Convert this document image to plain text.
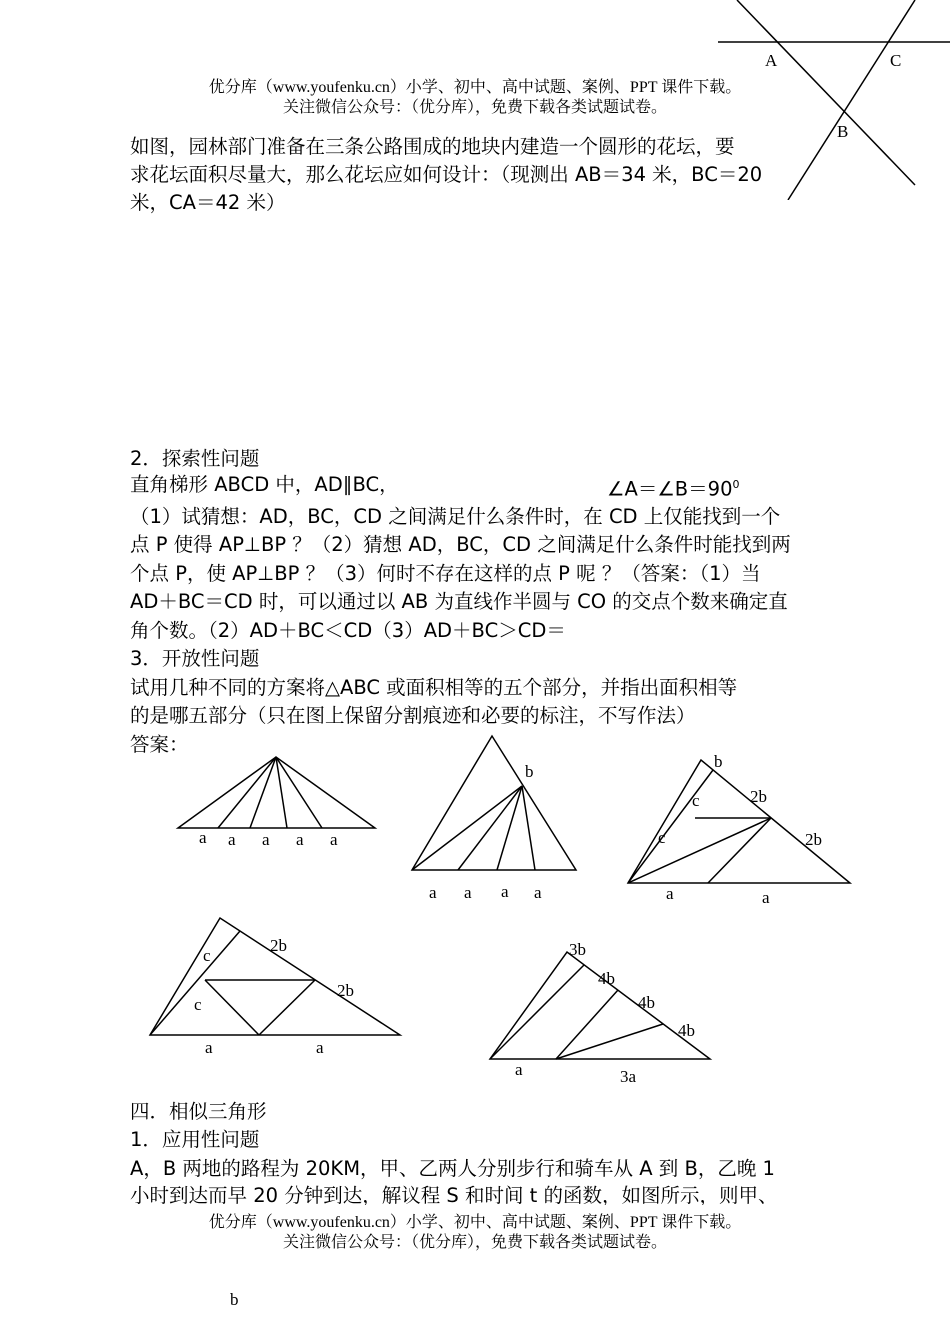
优分库（www.youfenku.cn）小学、初中、高中试题、案例、PPT 课件下载。
关注微信公众号：（优分库），免费下载各类试题试卷。
A	C
B
如图，园林部门准备在三条公路围成的地块内建造一个圆形的花坛，要
求花坛面积尽量大，那么花坛应如何设计：（现测出 AB＝34 米，BC＝20
米，CA＝42 米）
2．探索性问题
直角梯形 ABCD 中，AD∥BC，	$\angle A=\angle B=90^0$
（1）试猜想：AD，BC，CD 之间满足什么条件时，在 CD 上仅能找到一个
点 P 使得 AP⊥BP ？（2）猜想 AD，BC，CD 之间满足什么条件时能找到两
个点 P，使 AP⊥BP ？（3）何时不存在这样的点 P 呢 ？（答案：（1）当
AD＋BC＝CD 时，可以通过以 AB 为直线作半圆与 CO 的交点个数来确定直
角个数。（2）AD＋BC＜CD（3）AD＋BC＞CD＝
3．开放性问题
试用几种不同的方案将△ABC 或面积相等的五个部分，并指出面积相等
的是哪五部分（只在图上保留分割痕迹和必要的标注，不写作法）
答案：
a a a a a
b
a a a a
b
c	2b
c	2b
a	a
c
2b
c
2b
a	a
3b
4b
4b
4b
a	3a
四．相似三角形
1．应用性问题
A，B 两地的路程为 20KM，甲、乙两人分别步行和骑车从 A 到 B，乙晚 1
小时到达而早 20 分钟到达，解议程 S 和时间 t 的函数，如图所示，则甲、
优分库（www.youfenku.cn）小学、初中、高中试题、案例、PPT 课件下载。
关注微信公众号：（优分库），免费下载各类试题试卷。
b
